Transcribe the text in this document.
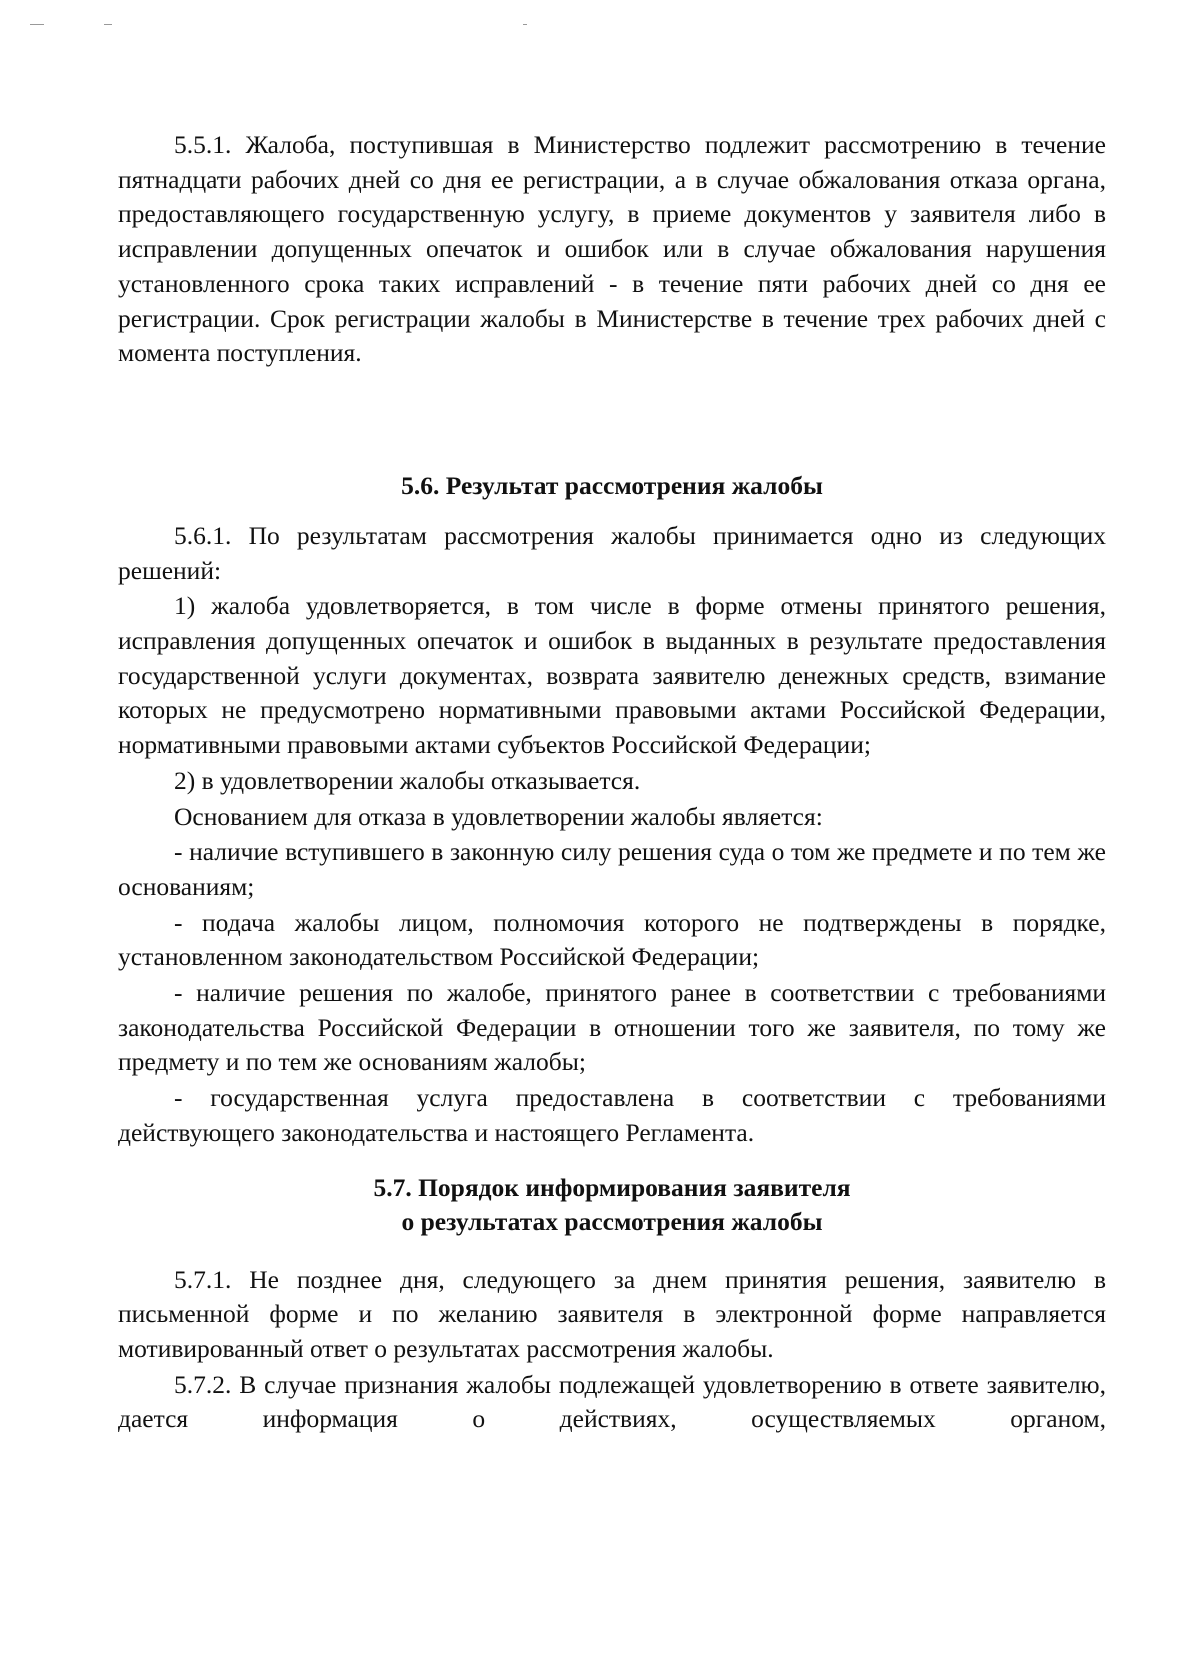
5.5.1. Жалоба, поступившая в Министерство подлежит рассмотрению в течение пятнадцати рабочих дней со дня ее регистрации, а в случае обжалования отказа органа, предоставляющего государственную услугу, в приеме документов у заявителя либо в исправлении допущенных опечаток и ошибок или в случае обжалования нарушения установленного срока таких исправлений - в течение пяти рабочих дней со дня ее регистрации. Срок регистрации жалобы в Министерстве в течение трех рабочих дней с момента поступления.

5.6. Результат рассмотрения жалобы

5.6.1. По результатам рассмотрения жалобы принимается одно из следующих решений:

1) жалоба удовлетворяется, в том числе в форме отмены принятого решения, исправления допущенных опечаток и ошибок в выданных в результате предоставления государственной услуги документах, возврата заявителю денежных средств, взимание которых не предусмотрено нормативными правовыми актами Российской Федерации, нормативными правовыми актами субъектов Российской Федерации;

2) в удовлетворении жалобы отказывается.

Основанием для отказа в удовлетворении жалобы является:

- наличие вступившего в законную силу решения суда о том же предмете и по тем же основаниям;

- подача жалобы лицом, полномочия которого не подтверждены в порядке, установленном законодательством Российской Федерации;

- наличие решения по жалобе, принятого ранее в соответствии с требованиями законодательства Российской Федерации в отношении того же заявителя, по тому же предмету и по тем же основаниям жалобы;

- государственная услуга предоставлена в соответствии с требованиями действующего законодательства и настоящего Регламента.

5.7. Порядок информирования заявителя
о результатах рассмотрения жалобы

5.7.1. Не позднее дня, следующего за днем принятия решения, заявителю в письменной форме и по желанию заявителя в электронной форме направляется мотивированный ответ о результатах рассмотрения жалобы.

5.7.2. В случае признания жалобы подлежащей удовлетворению в ответе заявителю, дается информация о действиях, осуществляемых органом,
